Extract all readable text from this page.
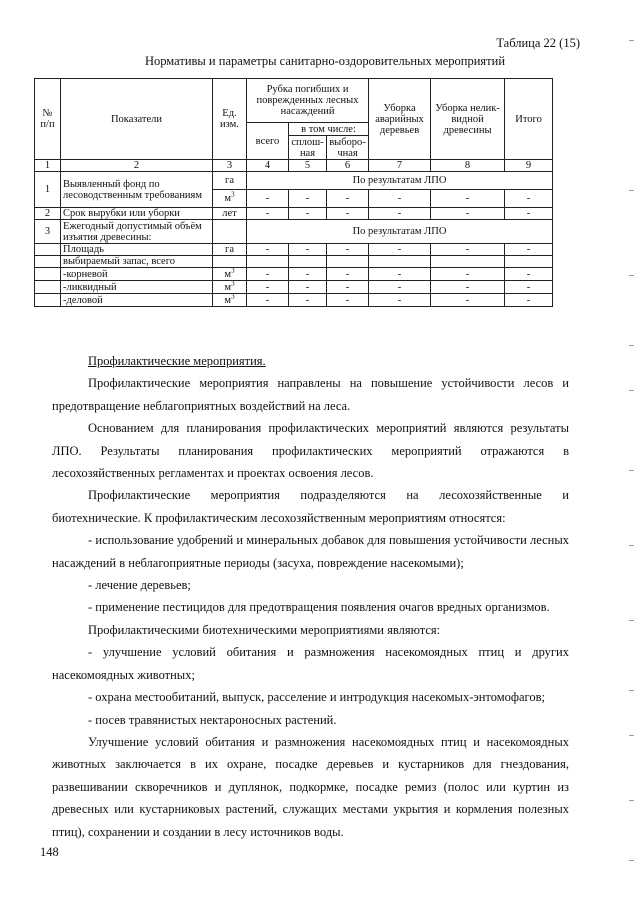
Таблица 22 (15)
Нормативы и параметры санитарно-оздоровительных мероприятий
№ п/п	Показатели	Ед. изм.	Рубка погибших и поврежденных лесных насаждений			Уборка аварийных деревьев	Уборка нелик-видной древесины	Итого
			всего	в том числе:				
				сплош-ная	выборо-чная			
1	2	3	4	5	6	7	8	9
1	Выявленный фонд по лесоводственным требованиям	га	По результатам ЛПО					
		$м^3$	-	-	-	-	-	-
2	Срок вырубки или уборки	лет	-	-	-	-	-	-
3	Ежегодный допустимый объём изъятия древесины:		По результатам ЛПО					
	Площадь	га	-	-	-	-	-	-
	выбираемый запас, всего							
	-корневой	$м^3$	-	-	-	-	-	-
	-ликвидный	$м^3$	-	-	-	-	-	-
	-деловой	$м^3$	-	-	-	-	-	-

Профилактические мероприятия.

Профилактические мероприятия направлены на повышение устойчивости лесов и предотвращение неблагоприятных воздействий на леса.

Основанием для планирования профилактических мероприятий являются результаты ЛПО. Результаты планирования профилактических мероприятий отражаются в лесохозяйственных регламентах и проектах освоения лесов.

Профилактические мероприятия подразделяются на лесохозяйственные и биотехнические. К профилактическим лесохозяйственным мероприятиям относятся:

- использование удобрений и минеральных добавок для повышения устойчивости лесных насаждений в неблагоприятные периоды (засуха, повреждение насекомыми);

- лечение деревьев;

- применение пестицидов для предотвращения появления очагов вредных организмов.

Профилактическими биотехническими мероприятиями являются:

- улучшение условий обитания и размножения насекомоядных птиц и других насекомоядных животных;

- охрана местообитаний, выпуск, расселение и интродукция насекомых-энтомофагов;

- посев травянистых нектароносных растений.

Улучшение условий обитания и размножения насекомоядных птиц и насекомоядных животных заключается в их охране, посадке деревьев и кустарников для гнездования, развешивании скворечников и дуплянок, подкормке, посадке ремиз (полос или куртин из древесных или кустарниковых растений, служащих местами укрытия и кормления полезных птиц), сохранении и создании в лесу источников воды.

148
